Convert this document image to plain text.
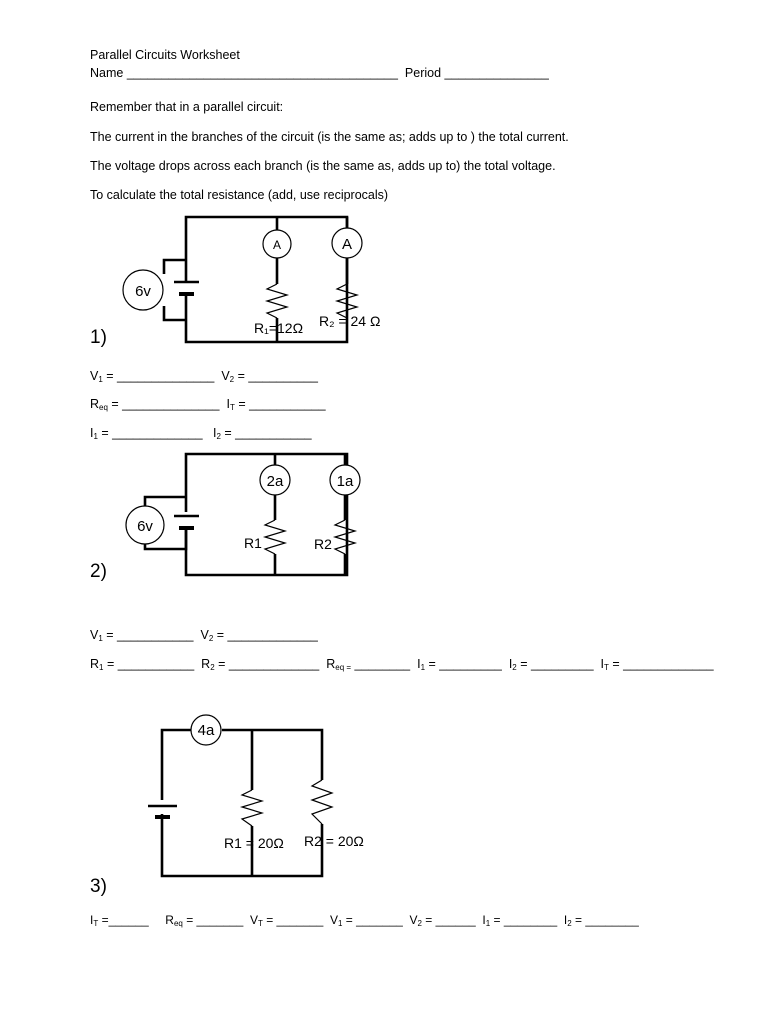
Parallel Circuits Worksheet
Name _______________________________________ Period _______________
Remember that in a parallel circuit:
The current in the branches of the circuit (is the same as; adds up to ) the total current.
The voltage drops across each branch (is the same as, adds up to) the total voltage.
To calculate the total resistance (add, use reciprocals)
6v
A	A
R₁=12Ω R₂ = 24 Ω
6v
2a	1a
R1	R2
4a
R1 = 20Ω R2 = 20Ω
1)
2)
3)
$V_1$ = ______________ $V_2$ = __________
$R_{eq}$ = ______________ $I_T$ = ___________
$I_1$ = _____________ $I_2$ = ___________
$V_1$ = ___________ $V_2$ = _____________
$R_1$ = ___________ $R_2$ = _____________ $R_{eq =}$ ________ $I_1$ = _________ $I_2$ = _________ $I_T$ = _____________
$I_T$ =______ $R_{eq}$ = _______ $V_T$ = _______ $V_1$ = _______ $V_2$ = ______ $I_1$ = ________ $I_2$ = ________
